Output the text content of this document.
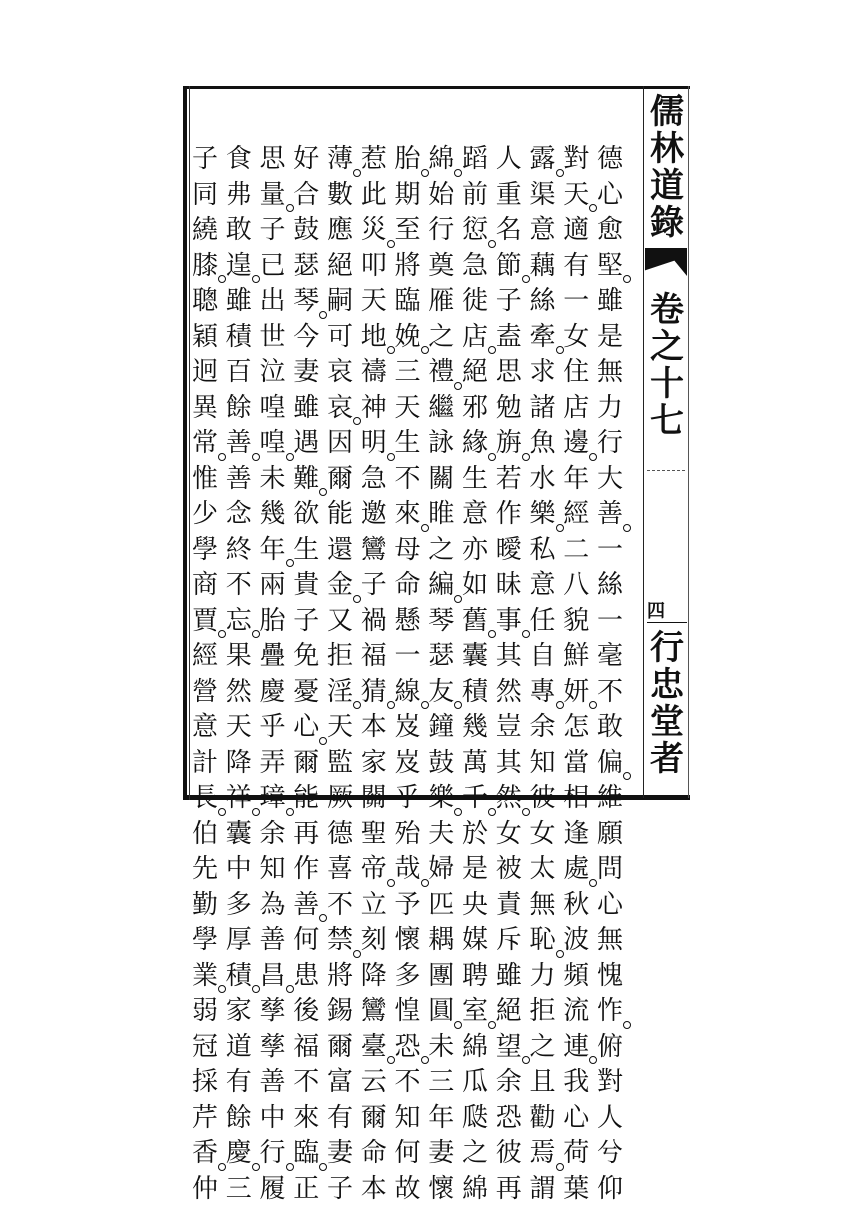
儒
林
道
錄
卷
之
十
七
四
行
忠
堂
者
德
心
愈
堅
雖
是
無
力
行
大
善
一
絲
一
毫
不
敢
偏
維
願
問
心
無
愧
怍
俯
對
人
兮
仰
對
天
適
有
一
女
住
店
邊
年
經
二
八
貌
鮮
妍
怎
當
相
逢
處
秋
波
頻
流
連
我
心
荷
葉
露
渠
意
藕
絲
牽
求
諸
魚
水
樂
私
意
任
自
專
余
知
彼
女
太
無
恥
力
拒
之
且
勸
焉
謂
人
重
名
節
子
盍
思
勉
旃
若
作
曖
昧
事
其
然
豈
其
然
女
被
責
斥
雖
絕
望
余
恐
彼
再
蹈
前
愆
急
徙
店
絕
邪
緣
生
意
亦
如
舊
囊
積
幾
萬
千
於
是
央
媒
聘
室
綿
瓜
瓞
之
綿
綿
始
行
奠
雁
之
禮
繼
詠
關
睢
之
編
琴
瑟
友
鐘
鼓
樂
夫
婦
匹
耦
團
圓
未
三
年
妻
懷
胎
期
至
將
臨
娩
三
天
生
不
來
母
命
懸
一
線
岌
岌
乎
殆
哉
予
懷
多
惶
恐
不
知
何
故
惹
此
災
叩
天
地
禱
神
明
急
邀
鸞
子
禍
福
猜
本
家
關
聖
帝
立
刻
降
鸞
臺
云
爾
命
本
薄
數
應
絕
嗣
可
哀
哀
因
爾
能
還
金
又
拒
淫
天
監
厥
德
喜
不
禁
將
錫
爾
富
有
妻
子
好
合
鼓
瑟
琴
今
妻
雖
遇
難
欲
生
貴
子
免
憂
心
爾
能
再
作
善
何
患
後
福
不
來
臨
正
思
量
子
已
出
世
泣
喤
喤
未
幾
年
兩
胎
疊
慶
乎
弄
璋
余
知
為
善
昌
孳
孳
善
中
行
履
食
弗
敢
遑
雖
積
百
餘
善
善
念
終
不
忘
果
然
天
降
祥
囊
中
多
厚
積
家
道
有
餘
慶
三
子
同
繞
膝
聰
穎
迥
異
常
惟
少
學
商
賈
經
營
意
計
長
伯
先
勤
學
業
弱
冠
採
芹
香
仲
